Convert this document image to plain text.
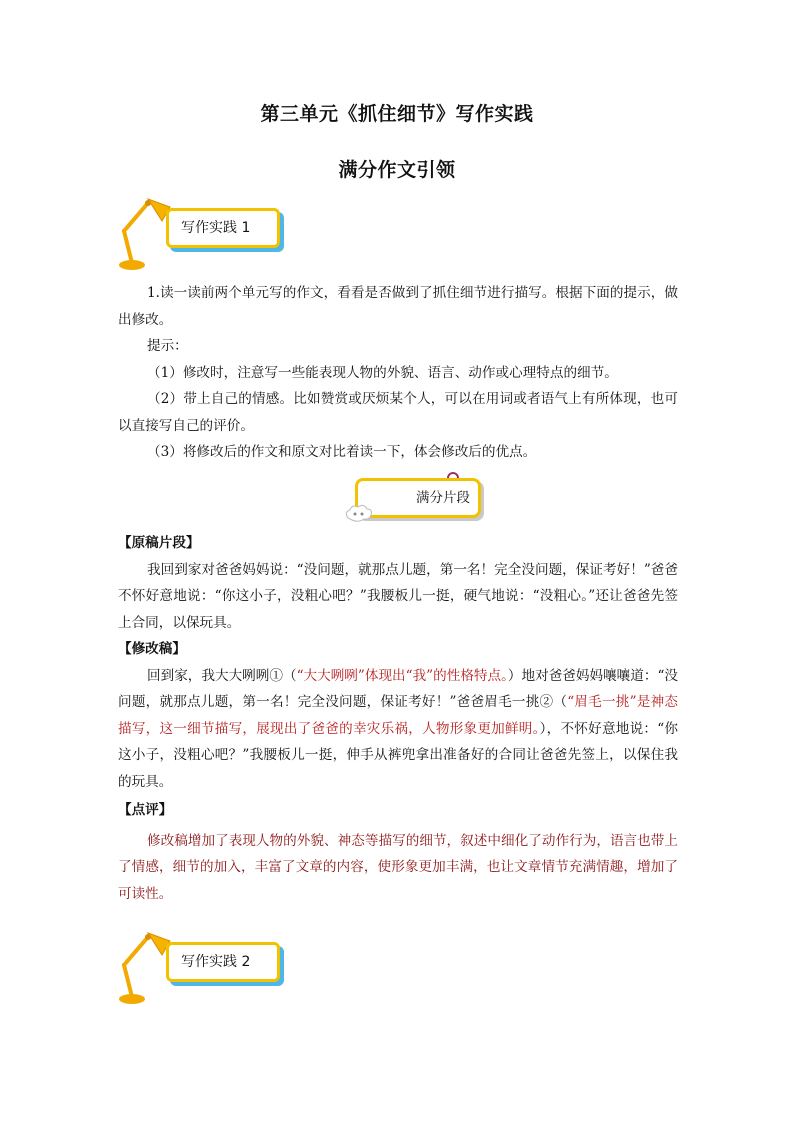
第三单元《抓住细节》写作实践
满分作文引领
写作实践 1

1.读一读前两个单元写的作文，看看是否做到了抓住细节进行描写。根据下面的提示，做出修改。

提示：

（1）修改时，注意写一些能表现人物的外貌、语言、动作或心理特点的细节。

（2）带上自己的情感。比如赞赏或厌烦某个人，可以在用词或者语气上有所体现，也可以直接写自己的评价。

（3）将修改后的作文和原文对比着读一下，体会修改后的优点。

满分片段

【原稿片段】

我回到家对爸爸妈妈说：“没问题，就那点儿题，第一名！完全没问题，保证考好！”爸爸不怀好意地说：“你这小子，没粗心吧？”我腰板儿一挺，硬气地说：“没粗心。”还让爸爸先签上合同，以保玩具。

【修改稿】

回到家，我大大咧咧①（“大大咧咧”体现出“我”的性格特点。）地对爸爸妈妈嚷嚷道：“没问题，就那点儿题，第一名！完全没问题，保证考好！”爸爸眉毛一挑②（“眉毛一挑”是神态描写，这一细节描写，展现出了爸爸的幸灾乐祸，人物形象更加鲜明。），不怀好意地说：“你这小子，没粗心吧？”我腰板儿一挺，伸手从裤兜拿出准备好的合同让爸爸先签上，以保住我的玩具。

【点评】

修改稿增加了表现人物的外貌、神态等描写的细节，叙述中细化了动作行为，语言也带上了情感，细节的加入，丰富了文章的内容，使形象更加丰满，也让文章情节充满情趣，增加了可读性。

写作实践 2
